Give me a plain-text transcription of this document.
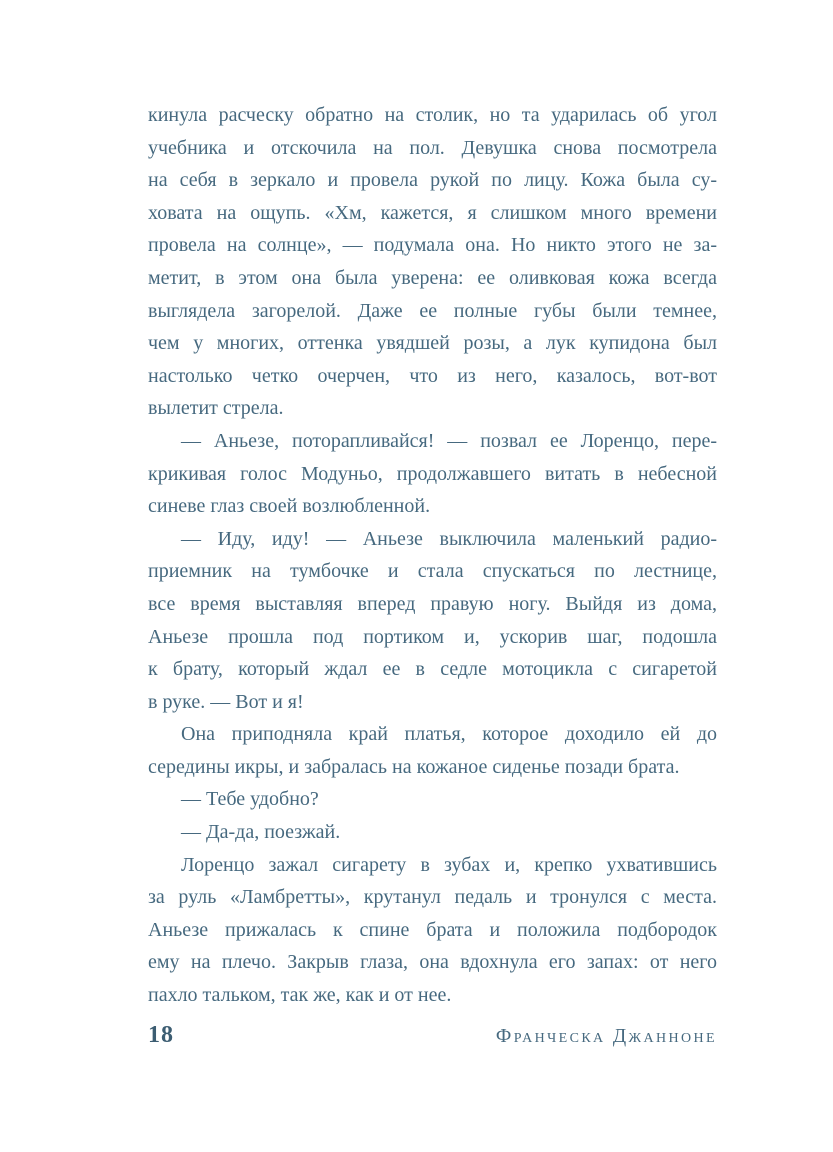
кинула расческу обратно на столик, но та ударилась об угол
учебника и отскочила на пол. Девушка снова посмотрела
на себя в зеркало и провела рукой по лицу. Кожа была су-
ховата на ощупь. «Хм, кажется, я слишком много времени
провела на солнце», — подумала она. Но никто этого не за-
метит, в этом она была уверена: ее оливковая кожа всегда
выглядела загорелой. Даже ее полные губы были темнее,
чем у многих, оттенка увядшей розы, а лук купидона был
настолько четко очерчен, что из него, казалось, вот-вот
вылетит стрела.
— Аньезе, поторапливайся! — позвал ее Лоренцо, пере-
крикивая голос Модуньо, продолжавшего витать в небесной
синеве глаз своей возлюбленной.
— Иду, иду! — Аньезе выключила маленький радио-
приемник на тумбочке и стала спускаться по лестнице,
все время выставляя вперед правую ногу. Выйдя из дома,
Аньезе прошла под портиком и, ускорив шаг, подошла
к брату, который ждал ее в седле мотоцикла с сигаретой
в руке. — Вот и я!
Она приподняла край платья, которое доходило ей до
середины икры, и забралась на кожаное сиденье позади брата.
— Тебе удобно?
— Да-да, поезжай.
Лоренцо зажал сигарету в зубах и, крепко ухватившись
за руль «Ламбретты», крутанул педаль и тронулся с места.
Аньезе прижалась к спине брата и положила подбородок
ему на плечо. Закрыв глаза, она вдохнула его запах: от него
пахло тальком, так же, как и от нее.
18	Франческа Джанноне
